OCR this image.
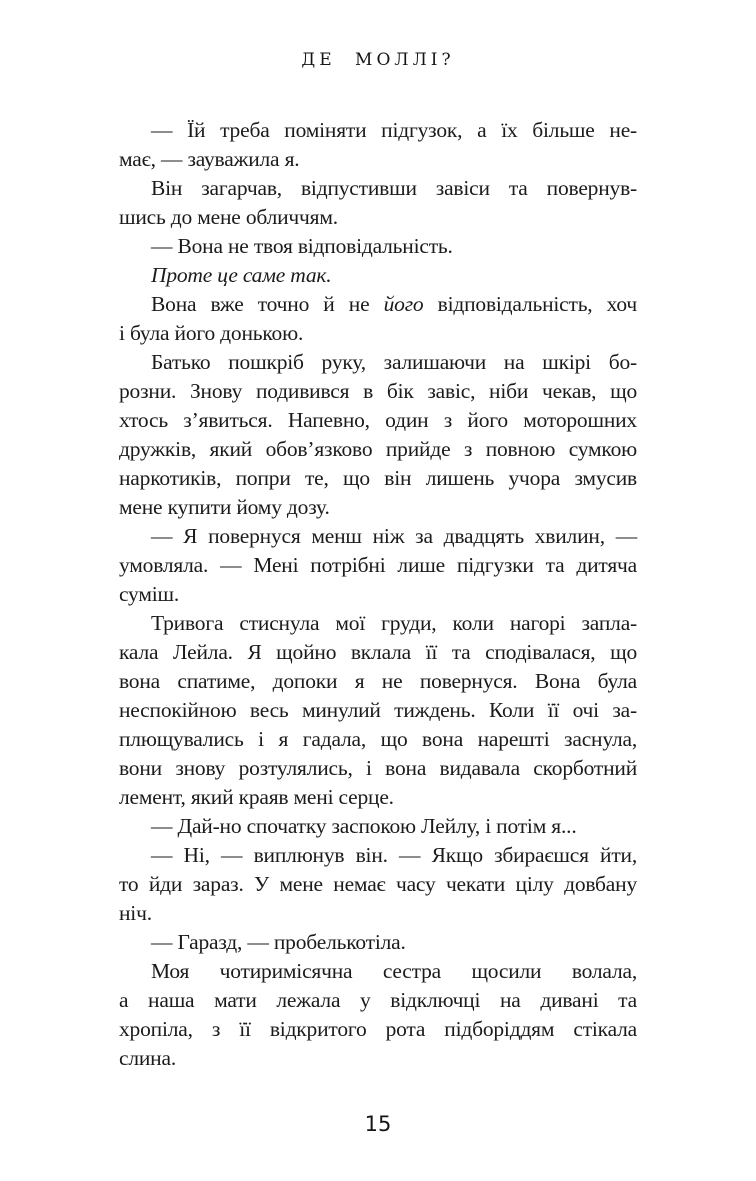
ДЕ МОЛЛІ?
— Їй треба поміняти підгузок, а їх більше не-
має, — зауважила я.
Він загарчав, відпустивши завіси та повернув-
шись до мене обличчям.
— Вона не твоя відповідальність.
Проте це саме так.
Вона вже точно й не його відповідальність, хоч
і була його донькою.
Батько пошкріб руку, залишаючи на шкірі бо-
розни. Знову подивився в бік завіс, ніби чекав, що
хтось з’явиться. Напевно, один з його моторошних
дружків, який обов’язково прийде з повною сумкою
наркотиків, попри те, що він лишень учора змусив
мене купити йому дозу.
— Я повернуся менш ніж за двадцять хвилин, —
умовляла. — Мені потрібні лише підгузки та дитяча
суміш.
Тривога стиснула мої груди, коли нагорі запла-
кала Лейла. Я щойно вклала її та сподівалася, що
вона спатиме, допоки я не повернуся. Вона була
неспокійною весь минулий тиждень. Коли її очі за-
плющувались і я гадала, що вона нарешті заснула,
вони знову розтулялись, і вона видавала скорботний
лемент, який краяв мені серце.
— Дай-но спочатку заспокою Лейлу, і потім я...
— Ні, — виплюнув він. — Якщо збираєшся йти,
то йди зараз. У мене немає часу чекати цілу довбану
ніч.
— Гаразд, — пробелькотіла.
Моя чотиримісячна сестра щосили волала,
а наша мати лежала у відключці на дивані та
хропіла, з її відкритого рота підборіддям стікала
слина.
15
